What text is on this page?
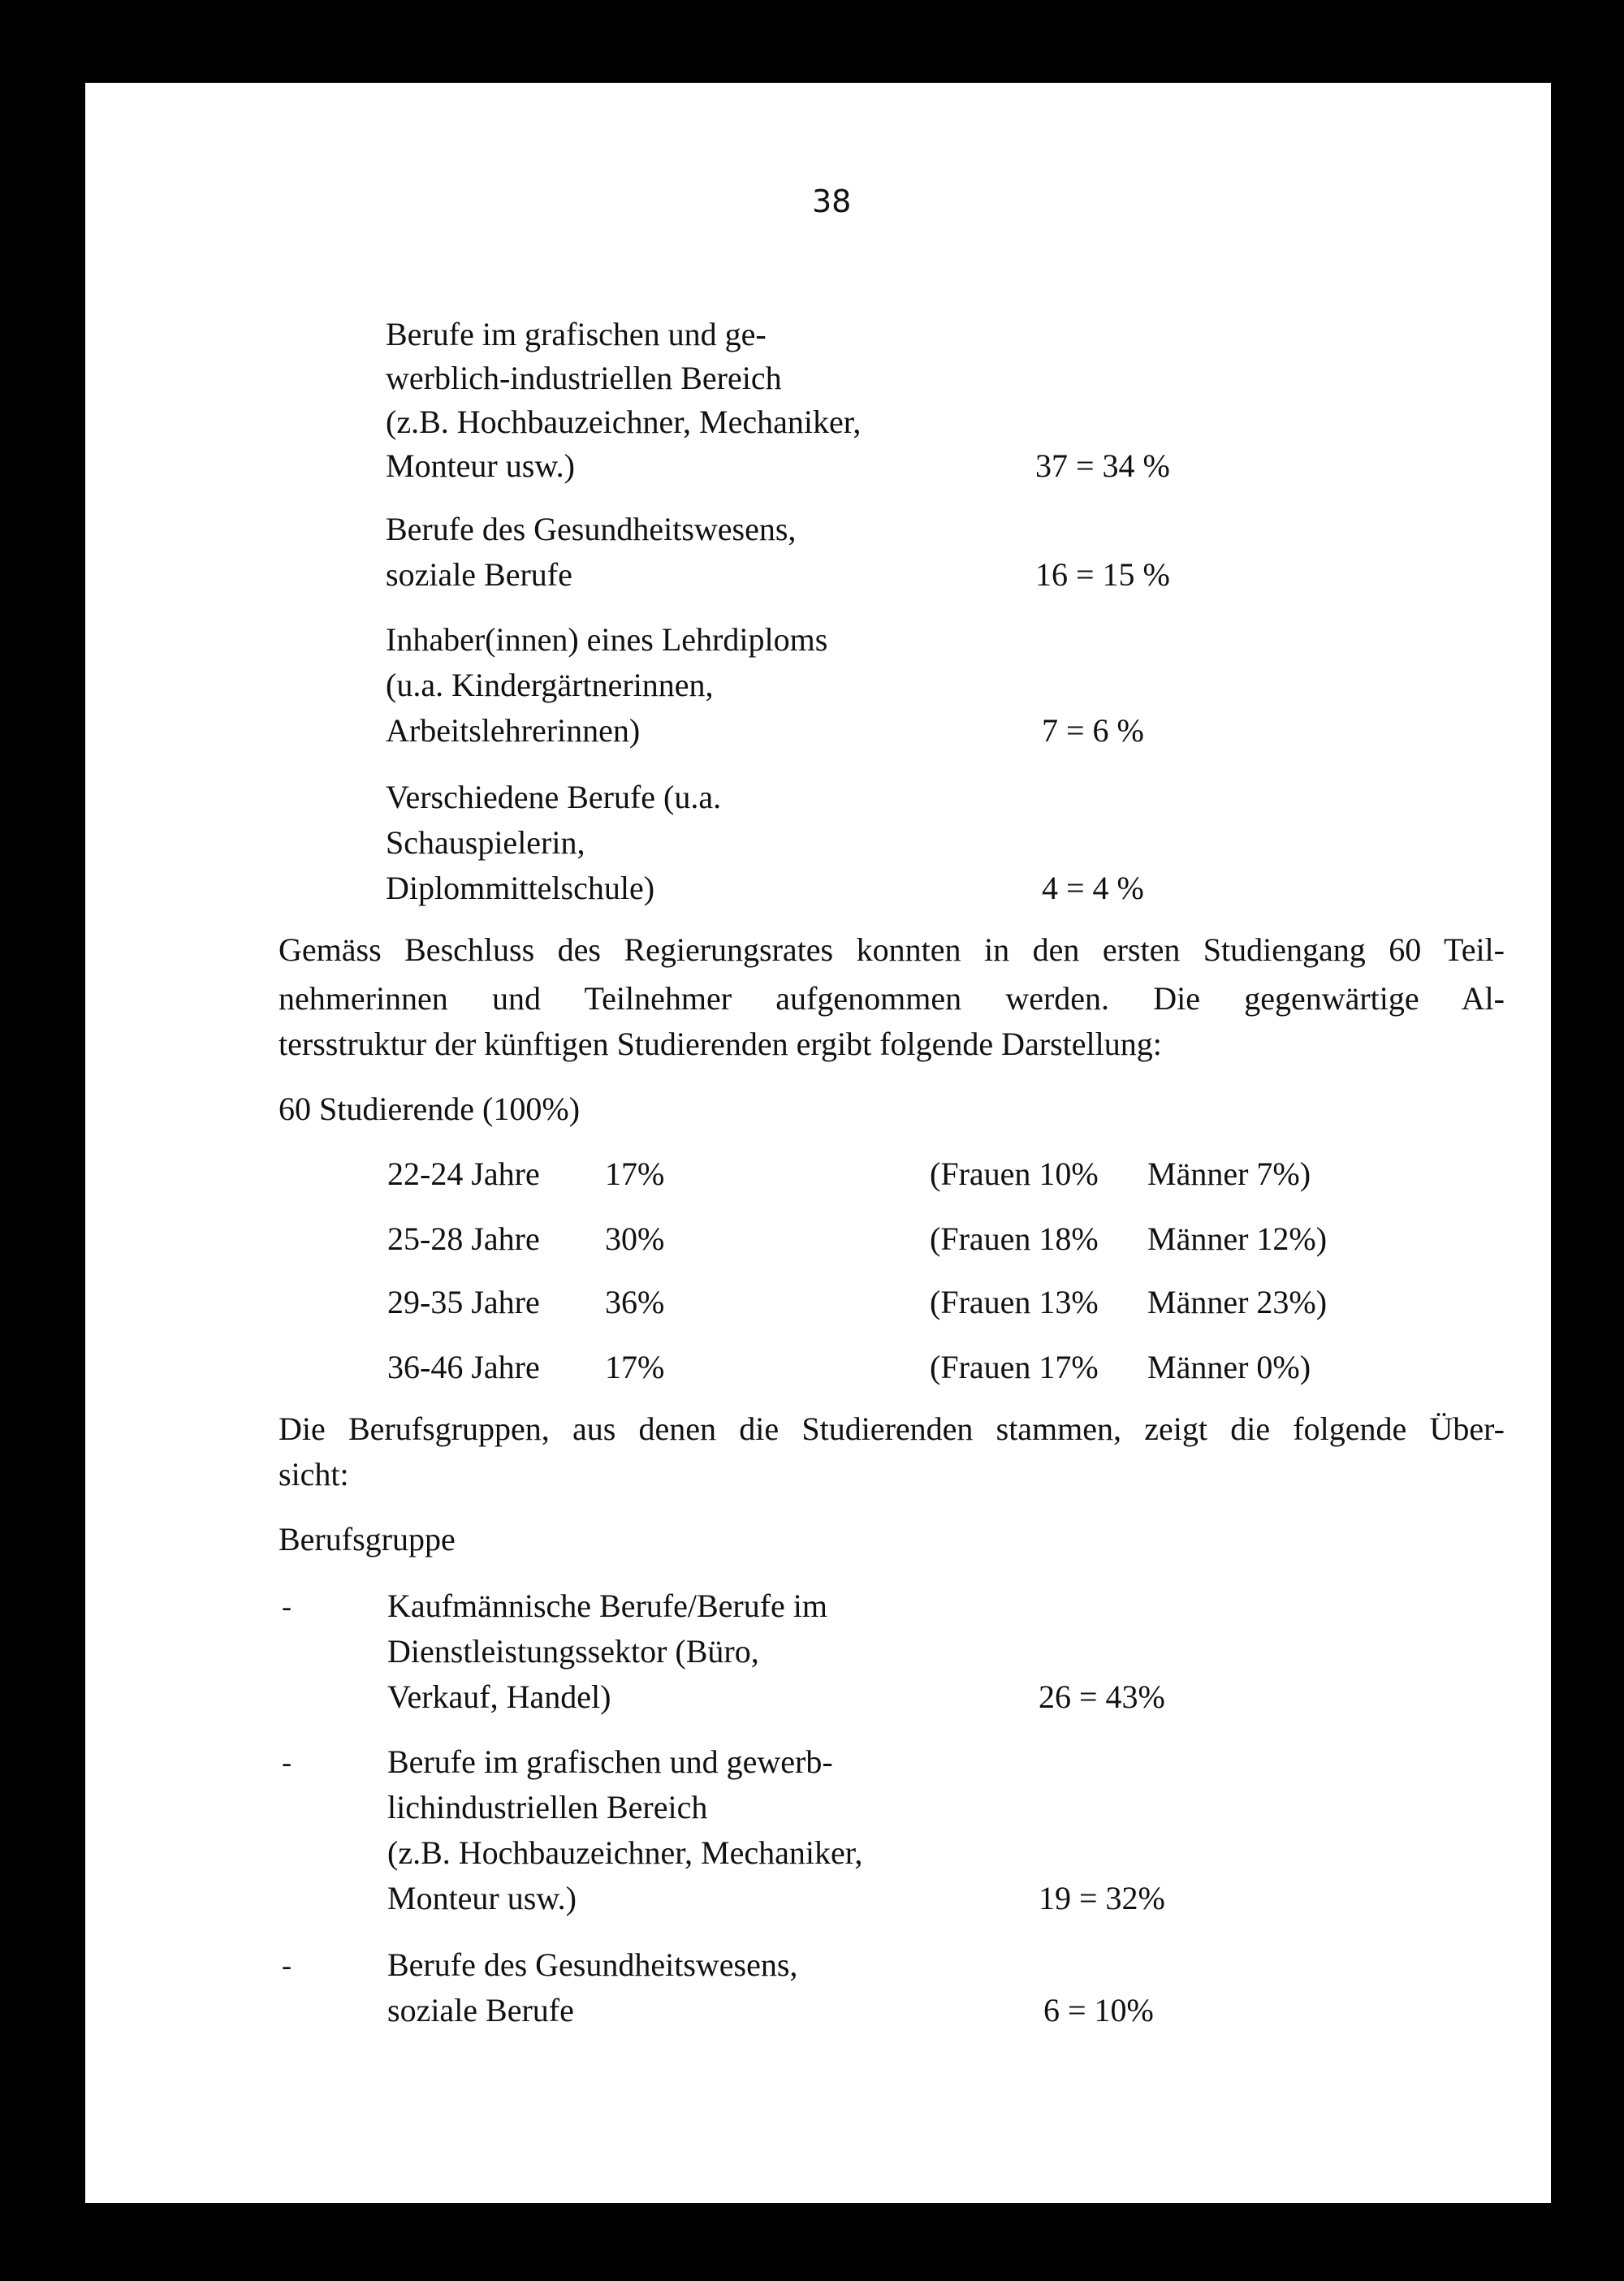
38
Berufe im grafischen und ge-
werblich-industriellen Bereich
(z.B. Hochbauzeichner, Mechaniker,
Monteur usw.)	37 = 34 %
Berufe des Gesundheitswesens,
soziale Berufe	16 = 15 %
Inhaber(innen) eines Lehrdiploms
(u.a. Kindergärtnerinnen,
Arbeitslehrerinnen)	7 = 6 %
Verschiedene Berufe (u.a.
Schauspielerin,
Diplommittelschule)	4 = 4 %
Gemäss Beschluss des Regierungsrates konnten in den ersten Studiengang 60 Teil-
nehmerinnen und Teilnehmer aufgenommen werden. Die gegenwärtige Al-
tersstruktur der künftigen Studierenden ergibt folgende Darstellung:
60 Studierende (100%)
22-24 Jahre 17%	(Frauen 10% Männer 7%)
25-28 Jahre 30%	(Frauen 18% Männer 12%)
29-35 Jahre 36%	(Frauen 13% Männer 23%)
36-46 Jahre 17%	(Frauen 17% Männer 0%)
Die Berufsgruppen, aus denen die Studierenden stammen, zeigt die folgende Über-
sicht:
Berufsgruppe
-	Kaufmännische Berufe/Berufe im
Dienstleistungssektor (Büro,
Verkauf, Handel)	26 = 43%
-	Berufe im grafischen und gewerb-
lichindustriellen Bereich
(z.B. Hochbauzeichner, Mechaniker,
Monteur usw.)	19 = 32%
-	Berufe des Gesundheitswesens,
soziale Berufe	6 = 10%
